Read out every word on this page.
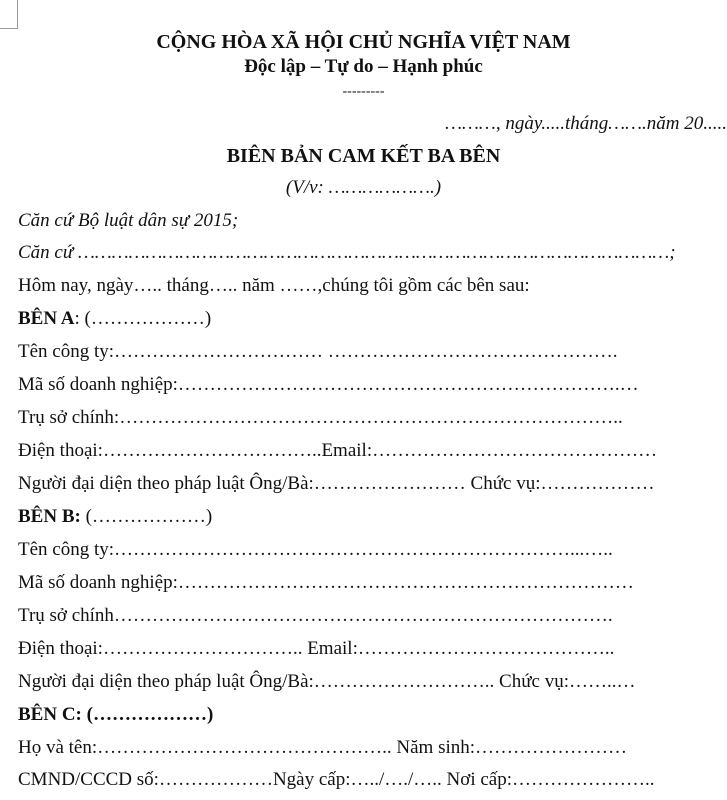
CỘNG HÒA XÃ HỘI CHỦ NGHĨA VIỆT NAM
Độc lập – Tự do – Hạnh phúc
---------
………, ngày.....tháng…….năm 20.....
BIÊN BẢN CAM KẾT BA BÊN
(V/v: ……………….)
Căn cứ Bộ luật dân sự 2015;
Căn cứ ……………………………………………………………………………………………;
Hôm nay, ngày….. tháng….. năm ……,chúng tôi gồm các bên sau:
BÊN A: (………………)
Tên công ty:…………………………… ……………………………………….
Mã số doanh nghiệp:…………………………………………………………….…
Trụ sở chính:……………………………………………………………………..
Điện thoại:……………………………..Email:………………………………………
Người đại diện theo pháp luật Ông/Bà:…………………… Chức vụ:………………
BÊN B: (………………)
Tên công ty:………………………………………………………………...…..
Mã số doanh nghiệp:………………………………………………………………
Trụ sở chính…………………………………………………………………….
Điện thoại:………………………….. Email:…………………………………..
Người đại diện theo pháp luật Ông/Bà:……………………….. Chức vụ:……..…
BÊN C: (………………)
Họ và tên:……………………………………….. Năm sinh:……………………
CMND/CCCD số:………………Ngày cấp:…../…./….. Nơi cấp:…………………..
